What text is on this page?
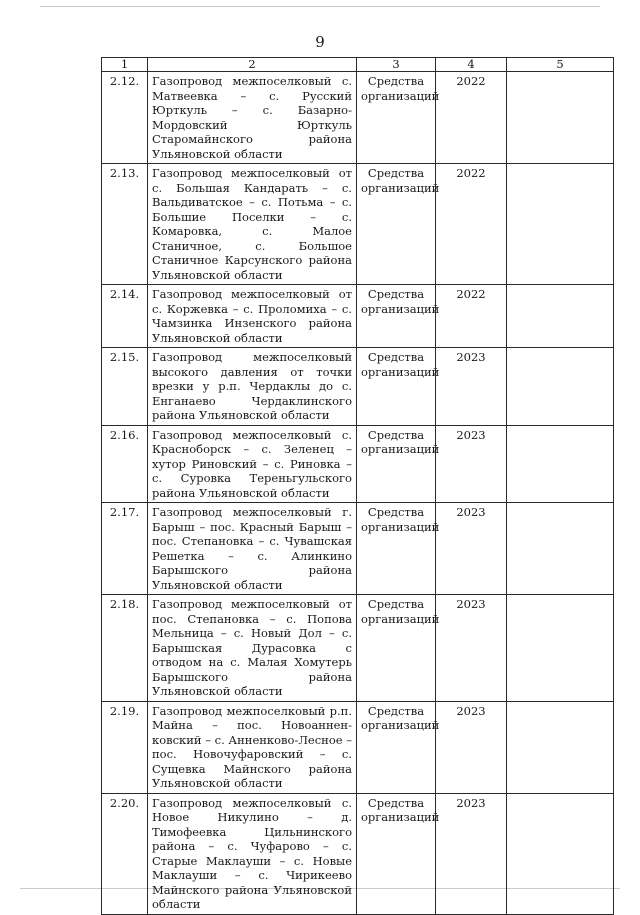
9
1	2	3	4	5
2.12.	Газопровод межпоселковый с. Матвеевка – с. Русский Юрткуль – с. Базарно-Мордовский Юрткуль Старомайнского района Ульяновской области	Средства организаций	2022	
2.13.	Газопровод межпоселковый от с. Большая Кандарать – с. Вальдиватское – с. Потьма – с. Большие Поселки – с. Комаровка, с. Малое Станичное, с. Большое Станичное Карсунского района Ульяновской области	Средства организаций	2022	
2.14.	Газопровод межпоселковый от с. Коржевка – с. Проломиха – с. Чамзинка Инзенского района Ульяновской области	Средства организаций	2022	
2.15.	Газопровод межпоселковый высокого давления от точки врезки у р.п. Чердаклы до с. Енганаево Чердаклинского района Ульяновской области	Средства организаций	2023	
2.16.	Газопровод межпоселковый с. Красноборск – с. Зеленец – хутор Риновский – с. Риновка – с. Суровка Тереньгульского района Ульяновской области	Средства организаций	2023	
2.17.	Газопровод межпоселковый г. Барыш – пос. Красный Барыш – пос. Степановка – с. Чувашская Решетка – с. Алинкино Барышского района Ульяновской области	Средства организаций	2023	
2.18.	Газопровод межпоселковый от пос. Степановка – с. Попова Мельница – с. Новый Дол – с. Барышская Дурасовка с отводом на с. Малая Хомутерь Барышского района Ульяновской области	Средства организаций	2023	
2.19.	Газопровод межпоселковый р.п. Майна – пос. Новоаннен-ковский – с. Анненково-Лесное – пос. Новочуфаровский – с. Сущевка Майнского района Ульяновской области	Средства организаций	2023	
2.20.	Газопровод межпоселковый с. Новое Никулино – д. Тимофеевка Цильнинского района – с. Чуфарово – с. Старые Маклауши – с. Новые Маклауши – с. Чирикеево Майнского района Ульяновской области	Средства организаций	2023	
